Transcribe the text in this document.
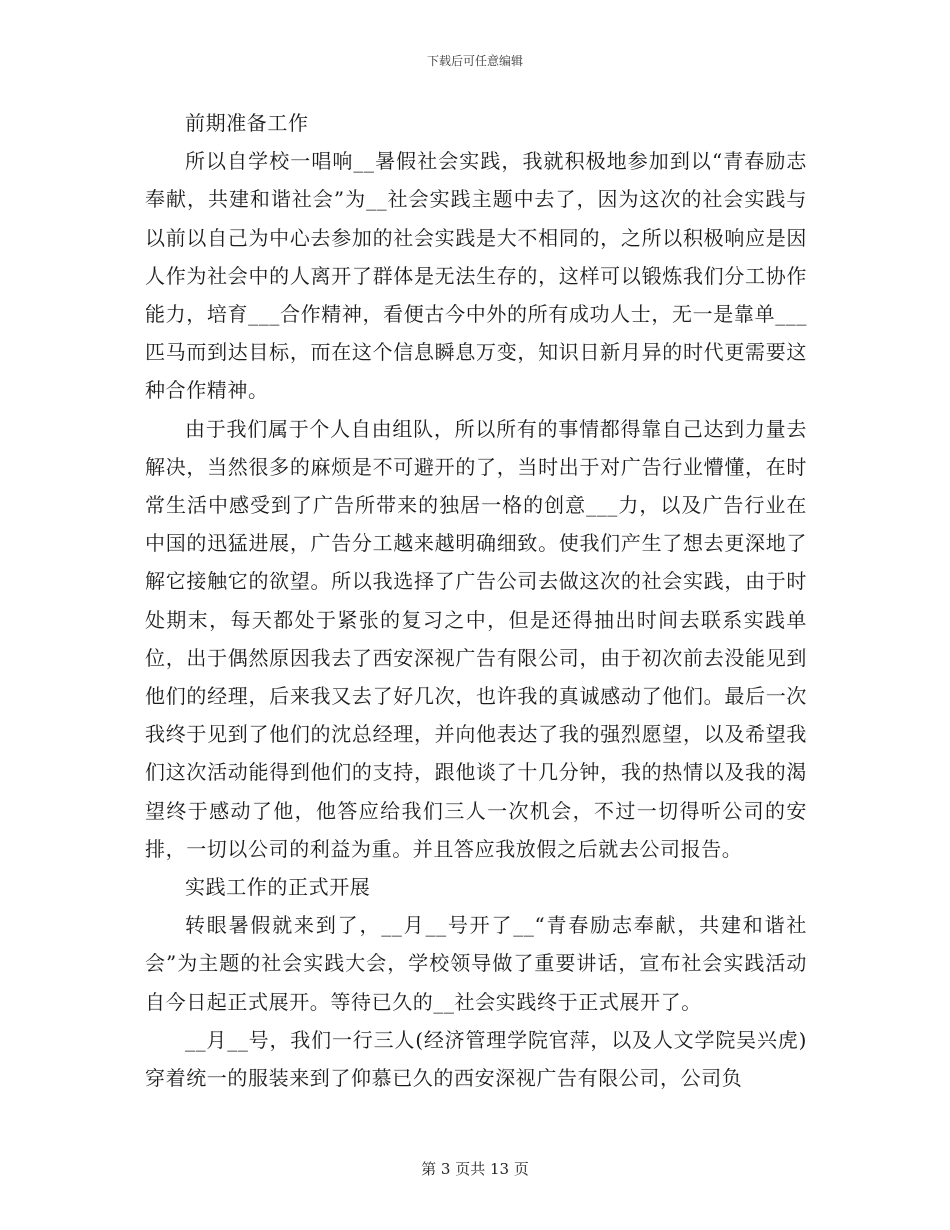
下载后可任意编辑

前期准备工作

所以自学校一唱响__暑假社会实践，我就积极地参加到以“青春励志奉献，共建和谐社会”为__社会实践主题中去了，因为这次的社会实践与以前以自己为中心去参加的社会实践是大不相同的，之所以积极响应是因人作为社会中的人离开了群体是无法生存的，这样可以锻炼我们分工协作能力，培育___合作精神，看便古今中外的所有成功人士，无一是靠单___匹马而到达目标，而在这个信息瞬息万变，知识日新月异的时代更需要这种合作精神。

由于我们属于个人自由组队，所以所有的事情都得靠自己达到力量去解决，当然很多的麻烦是不可避开的了，当时出于对广告行业懵懂，在时常生活中感受到了广告所带来的独居一格的创意___力，以及广告行业在中国的迅猛进展，广告分工越来越明确细致。使我们产生了想去更深地了解它接触它的欲望。所以我选择了广告公司去做这次的社会实践，由于时处期末，每天都处于紧张的复习之中，但是还得抽出时间去联系实践单位，出于偶然原因我去了西安深视广告有限公司，由于初次前去没能见到他们的经理，后来我又去了好几次，也许我的真诚感动了他们。最后一次我终于见到了他们的沈总经理，并向他表达了我的强烈愿望，以及希望我们这次活动能得到他们的支持，跟他谈了十几分钟，我的热情以及我的渴望终于感动了他，他答应给我们三人一次机会，不过一切得听公司的安排，一切以公司的利益为重。并且答应我放假之后就去公司报告。

实践工作的正式开展

转眼暑假就来到了，__月__号开了__“青春励志奉献，共建和谐社会”为主题的社会实践大会，学校领导做了重要讲话，宣布社会实践活动自今日起正式展开。等待已久的__社会实践终于正式展开了。

__月__号，我们一行三人(经济管理学院官萍，以及人文学院吴兴虎)穿着统一的服装来到了仰慕已久的西安深视广告有限公司，公司负

第 3 页共 13 页
